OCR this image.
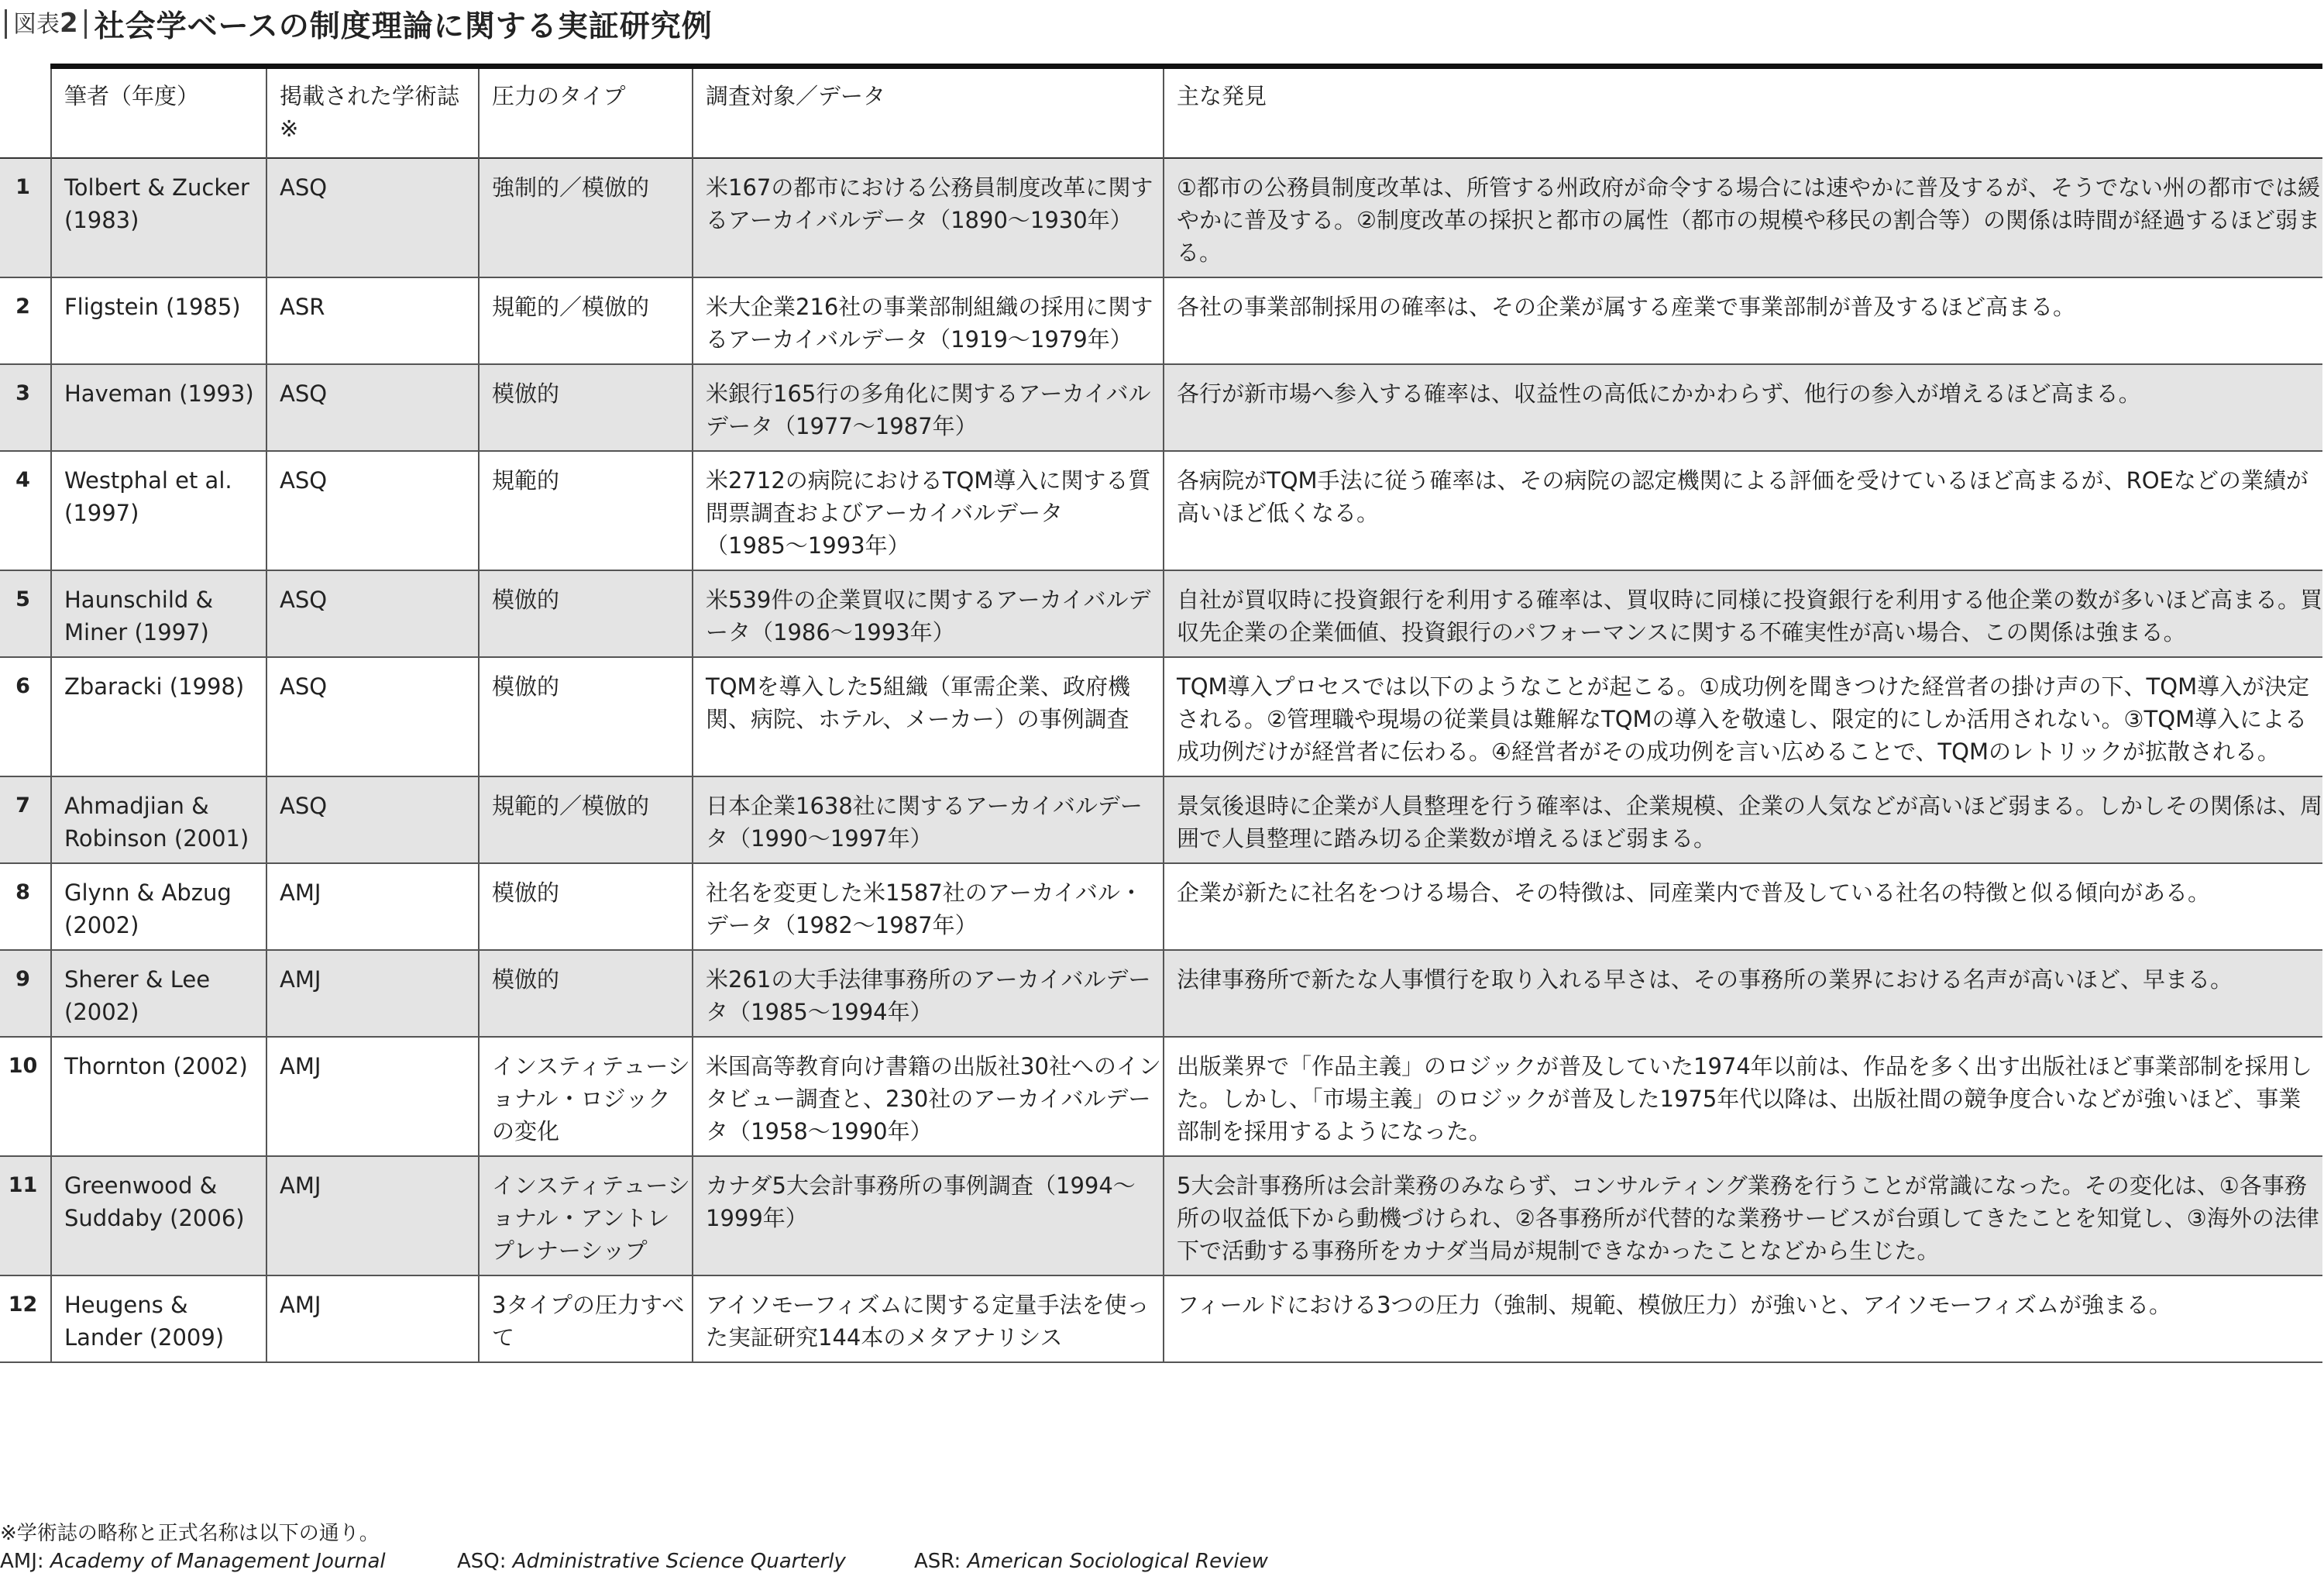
図表2 社会学ベースの制度理論に関する実証研究例
	筆者（年度）	掲載された学術誌※	圧力のタイプ	調査対象／データ	主な発見
1	Tolbert & Zucker (1983)	ASQ	強制的／模倣的	米167の都市における公務員制度改革に関するアーカイバルデータ（1890〜1930年）	①都市の公務員制度改革は、所管する州政府が命令する場合には速やかに普及するが、そうでない州の都市では緩やかに普及する。②制度改革の採択と都市の属性（都市の規模や移民の割合等）の関係は時間が経過するほど弱まる。
2	Fligstein (1985)	ASR	規範的／模倣的	米大企業216社の事業部制組織の採用に関するアーカイバルデータ（1919〜1979年）	各社の事業部制採用の確率は、その企業が属する産業で事業部制が普及するほど高まる。
3	Haveman (1993)	ASQ	模倣的	米銀行165行の多角化に関するアーカイバルデータ（1977〜1987年）	各行が新市場へ参入する確率は、収益性の高低にかかわらず、他行の参入が増えるほど高まる。
4	Westphal et al. (1997)	ASQ	規範的	米2712の病院におけるTQM導入に関する質問票調査およびアーカイバルデータ（1985〜1993年）	各病院がTQM手法に従う確率は、その病院の認定機関による評価を受けているほど高まるが、ROEなどの業績が高いほど低くなる。
5	Haunschild & Miner (1997)	ASQ	模倣的	米539件の企業買収に関するアーカイバルデータ（1986〜1993年）	自社が買収時に投資銀行を利用する確率は、買収時に同様に投資銀行を利用する他企業の数が多いほど高まる。買収先企業の企業価値、投資銀行のパフォーマンスに関する不確実性が高い場合、この関係は強まる。
6	Zbaracki (1998)	ASQ	模倣的	TQMを導入した5組織（軍需企業、政府機関、病院、ホテル、メーカー）の事例調査	TQM導入プロセスでは以下のようなことが起こる。①成功例を聞きつけた経営者の掛け声の下、TQM導入が決定される。②管理職や現場の従業員は難解なTQMの導入を敬遠し、限定的にしか活用されない。③TQM導入による成功例だけが経営者に伝わる。④経営者がその成功例を言い広めることで、TQMのレトリックが拡散される。
7	Ahmadjian & Robinson (2001)	ASQ	規範的／模倣的	日本企業1638社に関するアーカイバルデータ（1990〜1997年）	景気後退時に企業が人員整理を行う確率は、企業規模、企業の人気などが高いほど弱まる。しかしその関係は、周囲で人員整理に踏み切る企業数が増えるほど弱まる。
8	Glynn & Abzug (2002)	AMJ	模倣的	社名を変更した米1587社のアーカイバル・データ（1982〜1987年）	企業が新たに社名をつける場合、その特徴は、同産業内で普及している社名の特徴と似る傾向がある。
9	Sherer & Lee (2002)	AMJ	模倣的	米261の大手法律事務所のアーカイバルデータ（1985〜1994年）	法律事務所で新たな人事慣行を取り入れる早さは、その事務所の業界における名声が高いほど、早まる。
10	Thornton (2002)	AMJ	インスティテューショナル・ロジックの変化	米国高等教育向け書籍の出版社30社へのインタビュー調査と、230社のアーカイバルデータ（1958〜1990年）	出版業界で「作品主義」のロジックが普及していた1974年以前は、作品を多く出す出版社ほど事業部制を採用した。しかし、「市場主義」のロジックが普及した1975年代以降は、出版社間の競争度合いなどが強いほど、事業部制を採用するようになった。
11	Greenwood & Suddaby (2006)	AMJ	インスティテューショナル・アントレプレナーシップ	カナダ5大会計事務所の事例調査（1994〜1999年）	5大会計事務所は会計業務のみならず、コンサルティング業務を行うことが常識になった。その変化は、①各事務所の収益低下から動機づけられ、②各事務所が代替的な業務サービスが台頭してきたことを知覚し、③海外の法律下で活動する事務所をカナダ当局が規制できなかったことなどから生じた。
12	Heugens & Lander (2009)	AMJ	3タイプの圧力すべて	アイソモーフィズムに関する定量手法を使った実証研究144本のメタアナリシス	フィールドにおける3つの圧力（強制、規範、模倣圧力）が強いと、アイソモーフィズムが強まる。
※学術誌の略称と正式名称は以下の通り。
AMJ: Academy of Management Journal	ASQ: Administrative Science Quarterly	ASR: American Sociological Review
